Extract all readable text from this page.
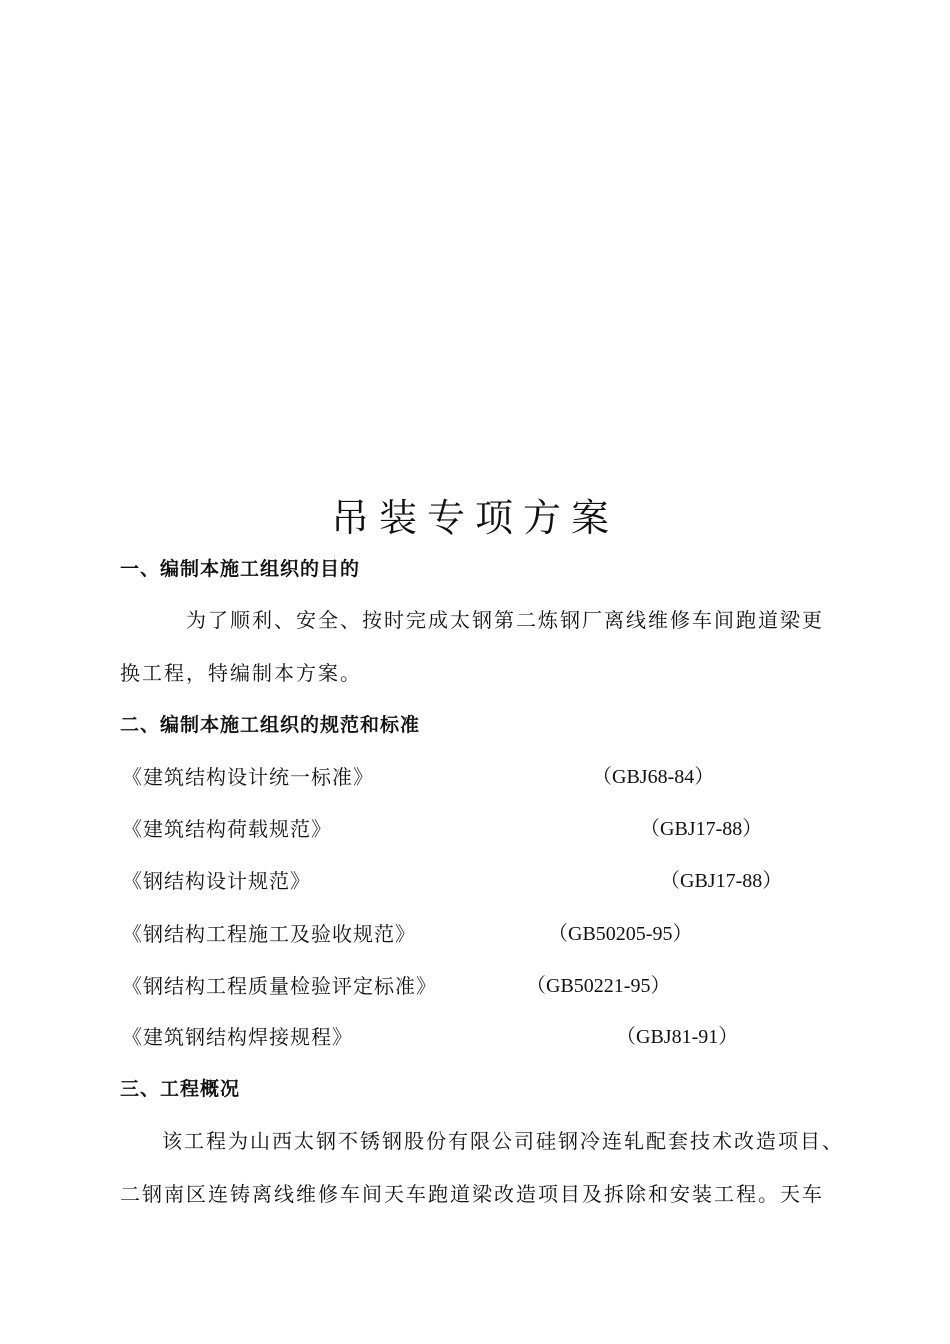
吊装专项方案
一、编制本施工组织的目的

为了顺利、安全、按时完成太钢第二炼钢厂离线维修车间跑道梁更

换工程，特编制本方案。

二、编制本施工组织的规范和标准
《建筑结构设计统一标准》	（GBJ68-84）
《建筑结构荷载规范》	（GBJ17-88）
《钢结构设计规范》	（GBJ17-88）
《钢结构工程施工及验收规范》	（GB50205-95）
《钢结构工程质量检验评定标准》	（GB50221-95）
《建筑钢结构焊接规程》	（GBJ81-91）
三、工程概况

该工程为山西太钢不锈钢股份有限公司硅钢冷连轧配套技术改造项目、

二钢南区连铸离线维修车间天车跑道梁改造项目及拆除和安装工程。天车
